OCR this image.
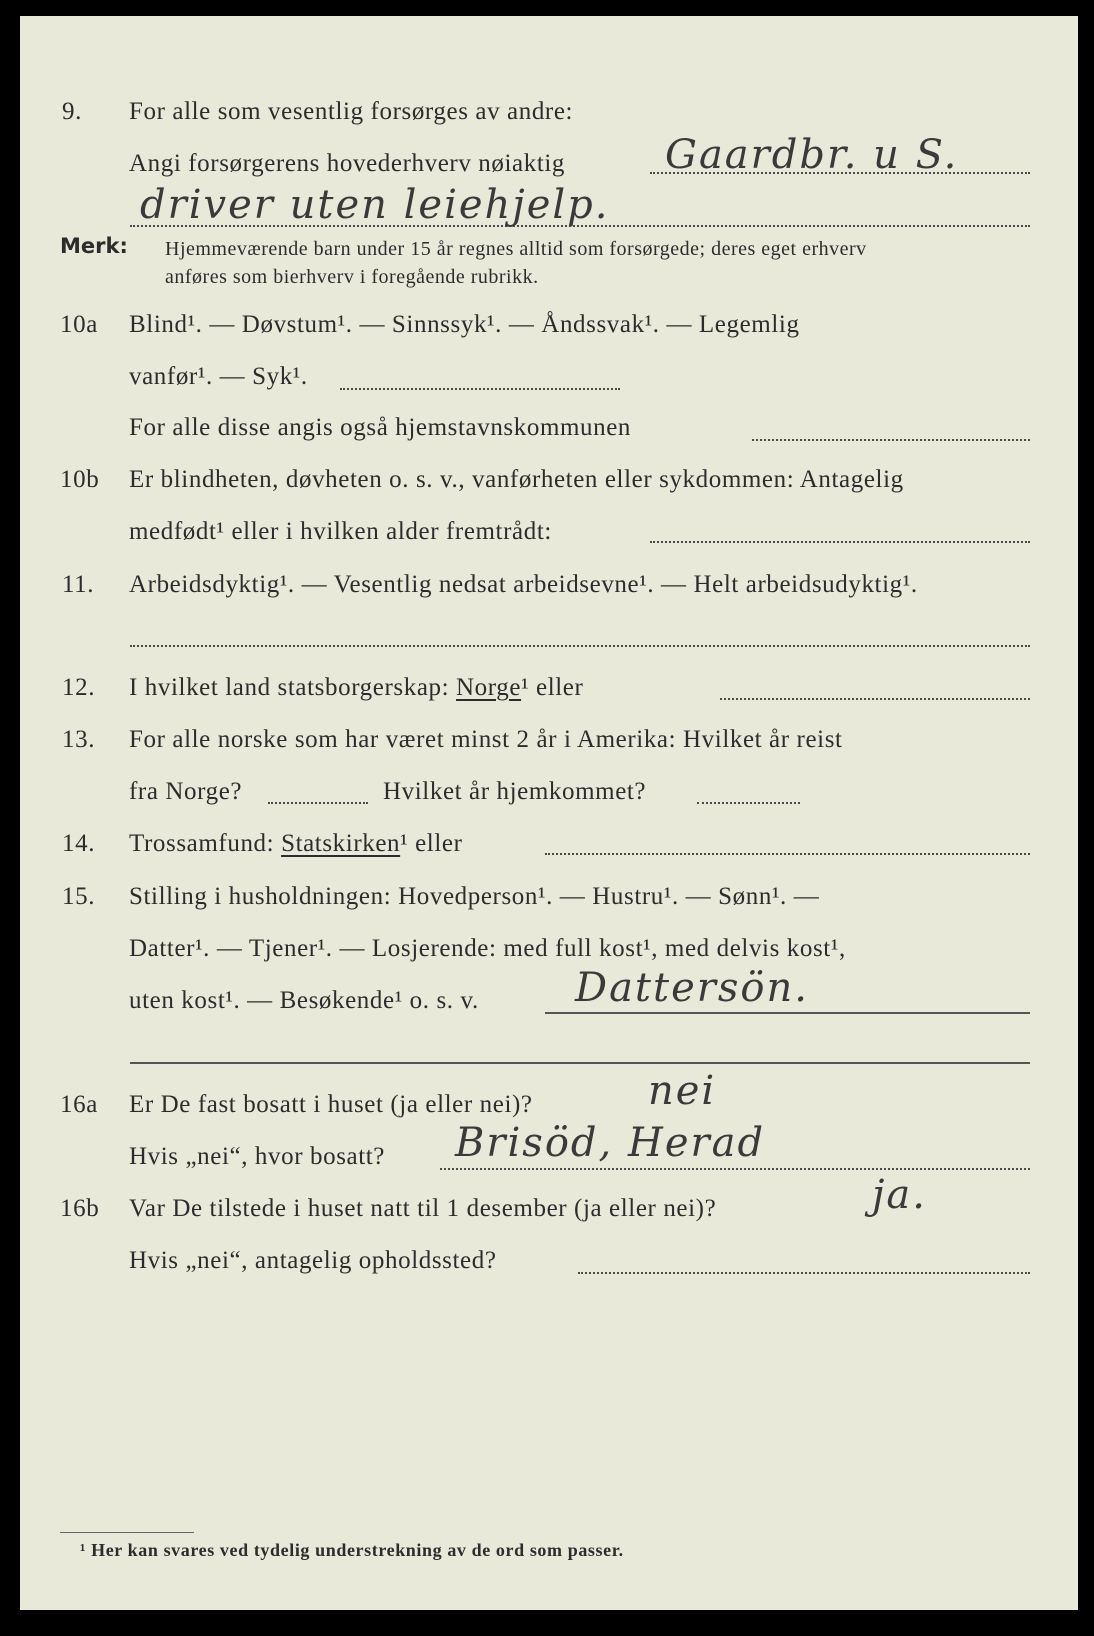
9. For alle som vesentlig forsørges av andre:
Angi forsørgerens hovederhverv nøiaktig Gaardbr. u S.
driver uten leiehjelp.
Merk: Hjemmeværende barn under 15 år regnes alltid som forsørgede; deres eget erhverv
anføres som bierhverv i foregående rubrikk.
10a Blind¹. — Døvstum¹. — Sinnssyk¹. — Åndssvak¹. — Legemlig
vanfør¹. — Syk¹.
For alle disse angis også hjemstavnskommunen
10b Er blindheten, døvheten o. s. v., vanførheten eller sykdommen: Antagelig
medfødt¹ eller i hvilken alder fremtrådt:
11. Arbeidsdyktig¹. — Vesentlig nedsat arbeidsevne¹. — Helt arbeidsudyktig¹.
12. I hvilket land statsborgerskap: Norge¹ eller
13. For alle norske som har været minst 2 år i Amerika: Hvilket år reist
fra Norge?	Hvilket år hjemkommet?
14. Trossamfund: Statskirken¹ eller
15. Stilling i husholdningen: Hovedperson¹. — Hustru¹. — Sønn¹. —
Datter¹. — Tjener¹. — Losjerende: med full kost¹, med delvis kost¹,
uten kost¹. — Besøkende¹ o. s. v. Dattersön.
16a Er De fast bosatt i huset (ja eller nei)?	nei
Hvis „nei“, hvor bosatt? Brisöd, Herad
16b Var De tilstede i huset natt til 1 desember (ja eller nei)?	ja.
Hvis „nei“, antagelig opholdssted?
¹ Her kan svares ved tydelig understrekning av de ord som passer.
